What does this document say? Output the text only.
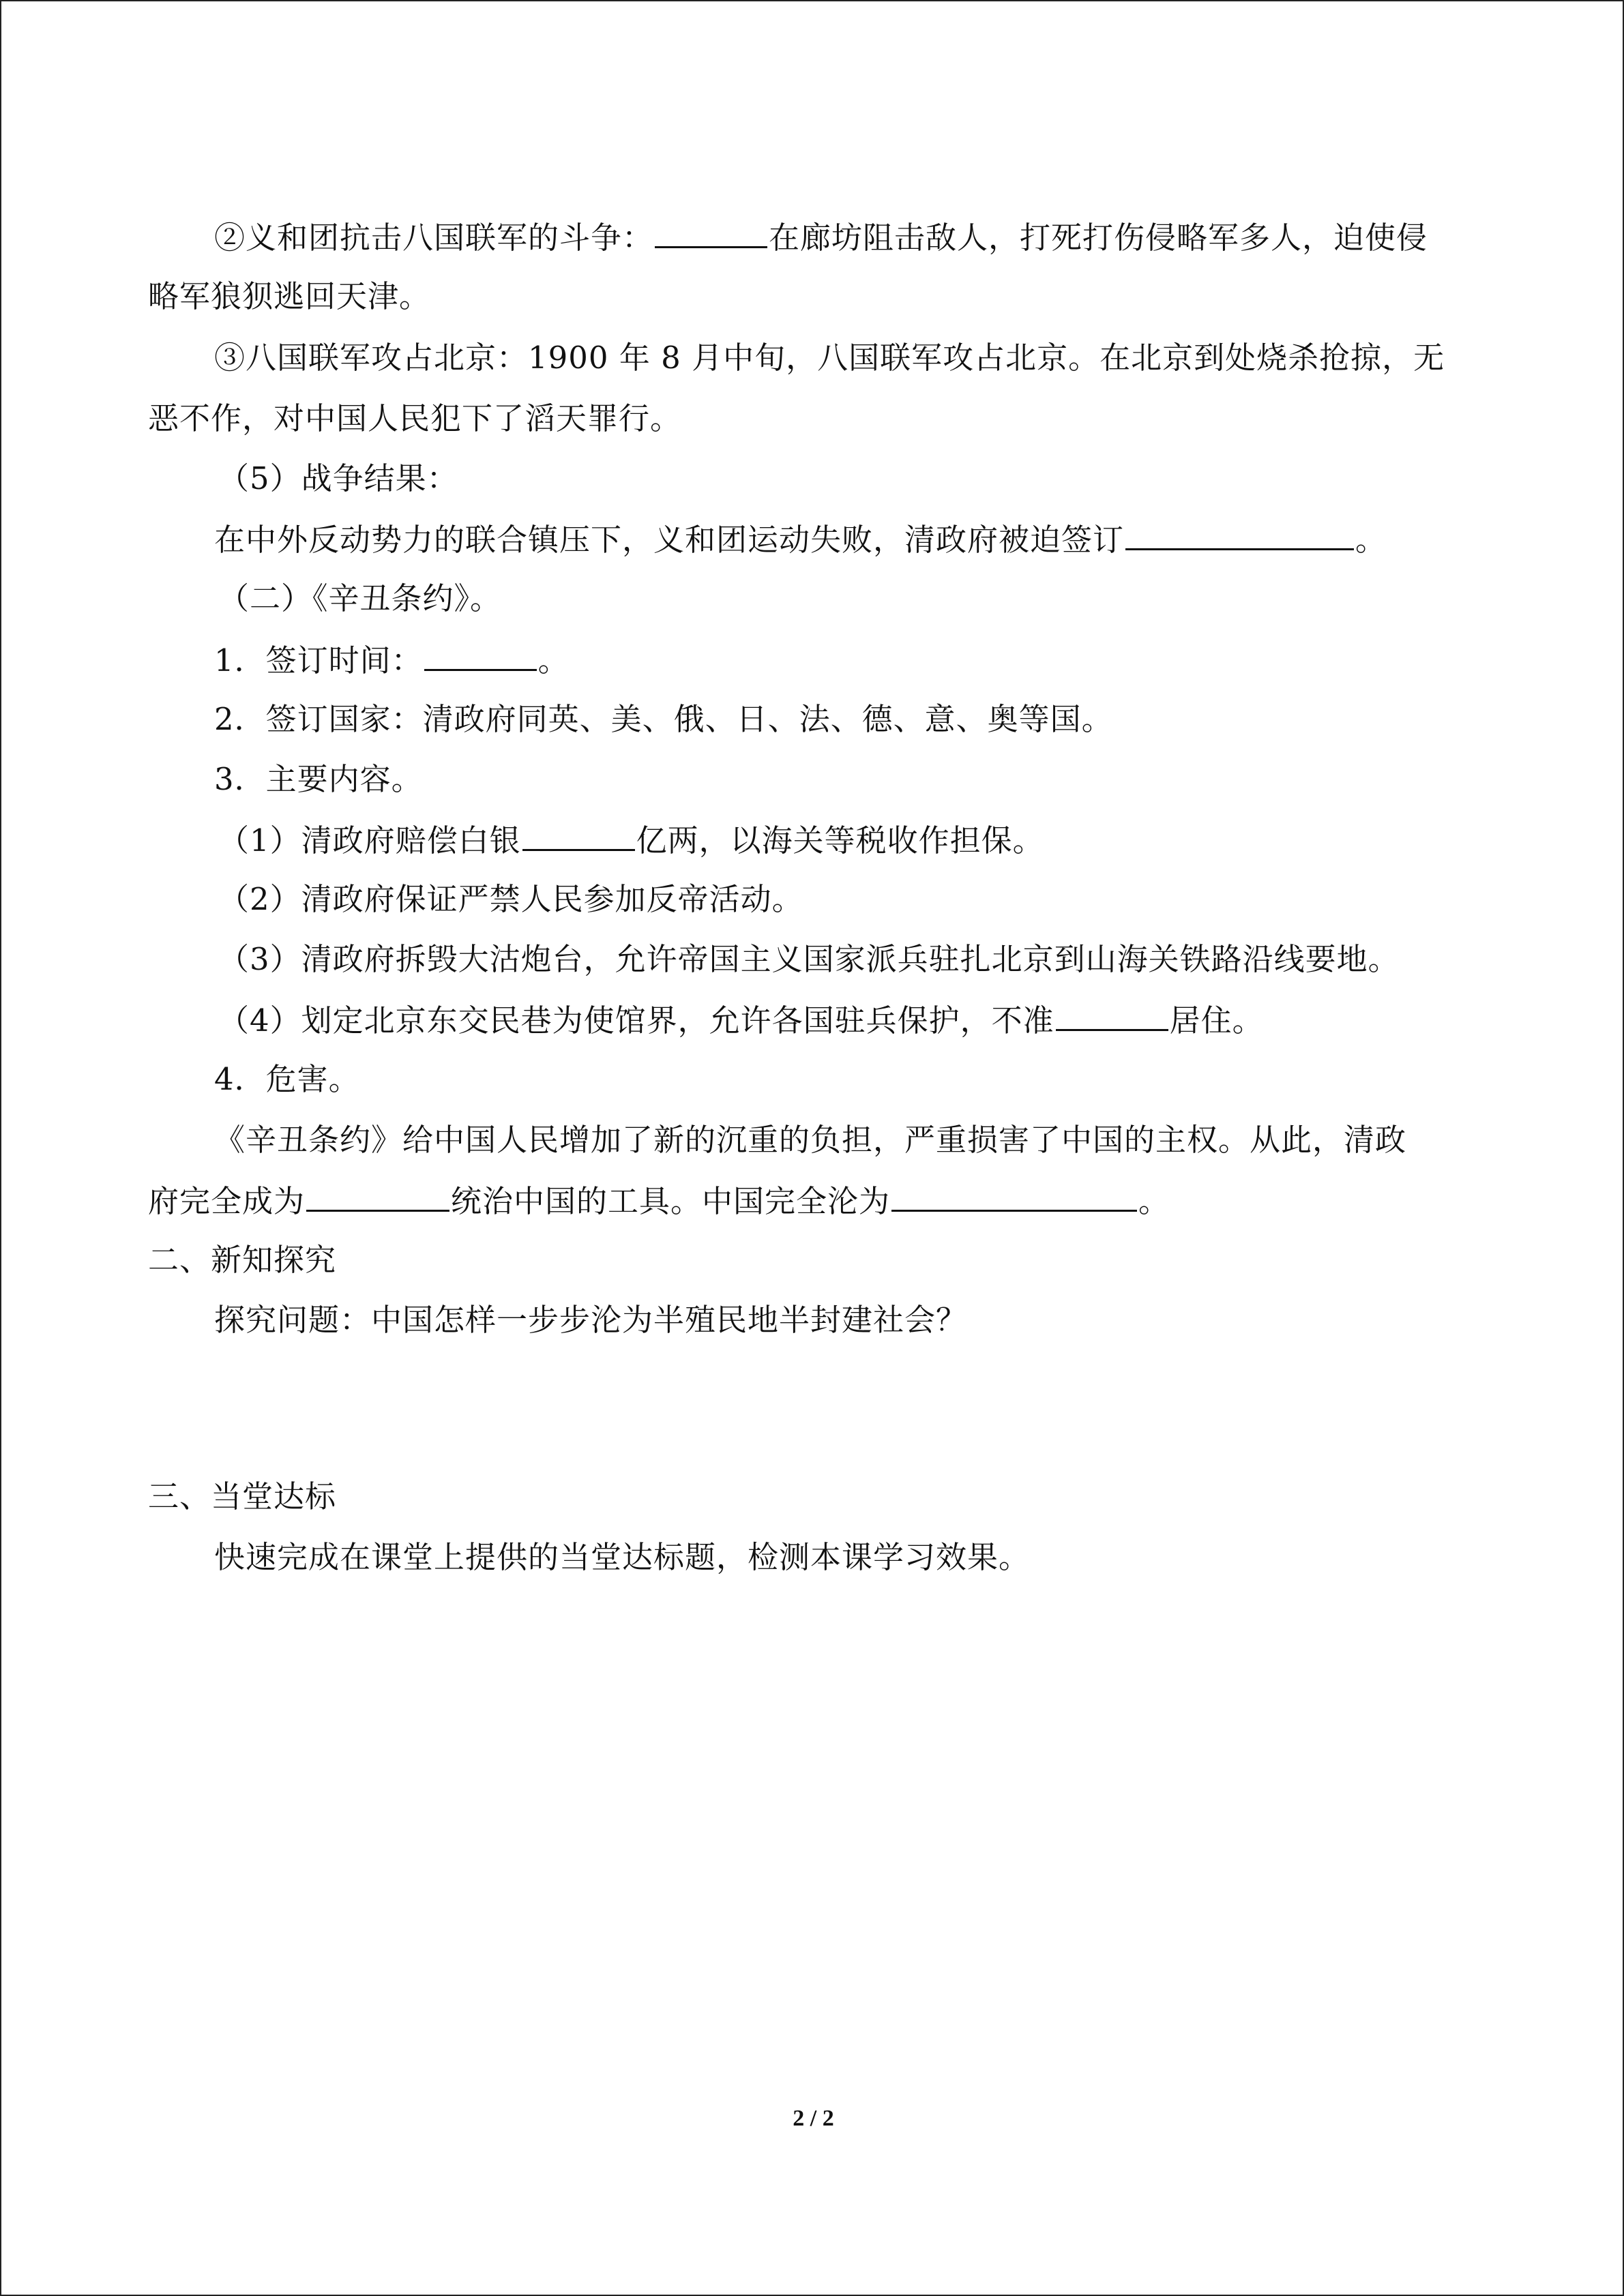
②义和团抗击八国联军的斗争：	在廊坊阻击敌人，打死打伤侵略军多人，迫使侵
略军狼狈逃回天津。
③八国联军攻占北京：1900 年 8 月中旬，八国联军攻占北京。在北京到处烧杀抢掠，无
恶不作，对中国人民犯下了滔天罪行。
（5）战争结果：
在中外反动势力的联合镇压下，义和团运动失败，清政府被迫签订	。
（二）《辛丑条约》。
1．签订时间：	。
2．签订国家：清政府同英、美、俄、日、法、德、意、奥等国。
3．主要内容。
（1）清政府赔偿白银	亿两，以海关等税收作担保。
（2）清政府保证严禁人民参加反帝活动。
（3）清政府拆毁大沽炮台，允许帝国主义国家派兵驻扎北京到山海关铁路沿线要地。
（4）划定北京东交民巷为使馆界，允许各国驻兵保护，不准	居住。
4．危害。
《辛丑条约》给中国人民增加了新的沉重的负担，严重损害了中国的主权。从此，清政
府完全成为	统治中国的工具。中国完全沦为	。
二、新知探究
探究问题：中国怎样一步步沦为半殖民地半封建社会？
三、当堂达标
快速完成在课堂上提供的当堂达标题，检测本课学习效果。
2 / 2
